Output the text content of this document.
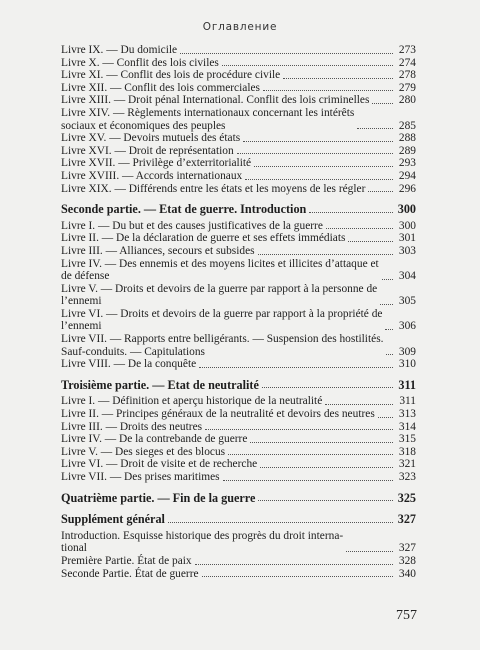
Оглавление
Livre IX. — Du domicile	273
Livre X. — Conflit des lois civiles	274
Livre XI. — Conflit des lois de procédure civile	278
Livre XII. — Conflit des lois commerciales	279
Livre XIII. — Droit pénal International. Conflit des lois criminelles	280
Livre XIV. — Règlements internationaux concernant les intérêts
sociaux et économiques des peuples	285
Livre XV. — Devoirs mutuels des états	288
Livre XVI. — Droit de représentation	289
Livre XVII. — Privilège d’exterritorialité	293
Livre XVIII. — Accords internationaux	294
Livre XIX. — Différends entre les états et les moyens de les régler	296
Seconde partie. — Etat de guerre. Introduction	300
Livre I. — Du but et des causes justificatives de la guerre	300
Livre II. — De la déclaration de guerre et ses effets immédiats	301
Livre III. — Alliances, secours et subsides	303
Livre IV. — Des ennemis et des moyens licites et illicites d’attaque et
de défense	304
Livre V. — Droits et devoirs de la guerre par rapport à la personne de
l’ennemi	305
Livre VI. — Droits et devoirs de la guerre par rapport à la propriété de
l’ennemi	306
Livre VII. — Rapports entre belligérants. — Suspension des hostilités.
Sauf-conduits. — Capitulations	309
Livre VIII. — De la conquête	310
Troisième partie. — Etat de neutralité	311
Livre I. — Définition et aperçu historique de la neutralité	311
Livre II. — Principes généraux de la neutralité et devoirs des neutres 313
Livre III. — Droits des neutres	314
Livre IV. — De la contrebande de guerre	315
Livre V. — Des sieges et des blocus	318
Livre VI. — Droit de visite et de recherche	321
Livre VII. — Des prises maritimes	323
Quatrième partie. — Fin de la guerre	325
Supplément général	327
Introduction. Esquisse historique des progrès du droit interna-
tional	327
Première Partie. État de paix	328
Seconde Partie. État de guerre	340
757
